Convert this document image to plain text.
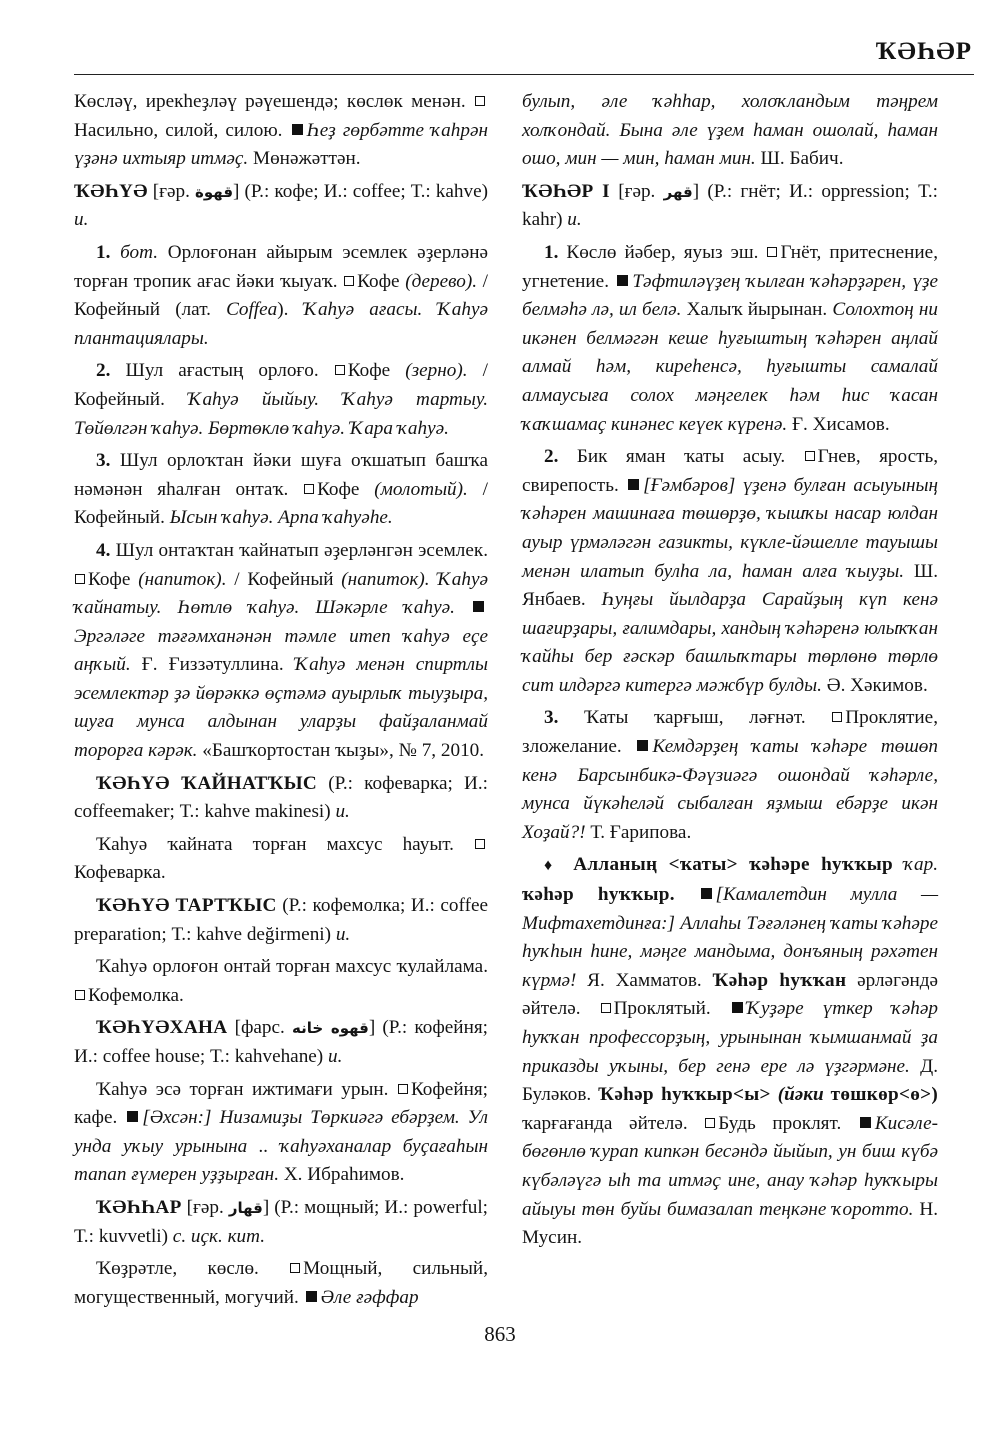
ҠӘҺӘР

Көсләү, ирекһеҙләү рәүешендә; көслөк менән. Насильно, силой, силою. Һеҙ гөрбәтте ҡаһрән үҙәнә ихтыяр итмәҫ. Мөнәжәттән.

ҠӘҺҮӘ [ғәр. قهوة] (Р.: кофе; И.: coffee; Т.: kahve) и.

1. бот. Орлоғонан айырым эсемлек әҙерләнә торған тропик ағас йәки ҡыуаҡ. Кофе (дерево). / Кофейный (лат. Coffea). Ҡаһуә ағасы. Ҡаһуә плантациялары.

2. Шул ағастың орлоғо. Кофе (зерно). / Кофейный. Ҡаһуә йыйыу. Ҡаһуә тартыу. Төйөлгән ҡаһуә. Бөртөклө ҡаһуә. Ҡара ҡаһуә.

3. Шул орлоҡтан йәки шуға оҡшатып башҡа нәмәнән яһалған онтаҡ. Кофе (молотый). / Кофейный. Ысын ҡаһуә. Арпа ҡаһуәһе.

4. Шул онтаҡтан ҡайнатып әҙерләнгән эсемлек. Кофе (напиток). / Кофейный (напиток). Ҡаһуә ҡайнатыу. Һөтлө ҡаһуә. Шәкәрле ҡаһуә. Эргәләге тәғәмханәнән тәмле итеп ҡаһуә еҫе аңҡый. Ғ. Ғиззәтуллина. Ҡаһуә менән спиртлы эсемлектәр ҙә йөрәккә өҫтәмә ауырлыҡ тыуҙыра, шуға мунса алдынан уларҙы файҙаланмай торорға кәрәк. «Башҡортостан ҡыҙы», № 7, 2010.

ҠӘҺҮӘ ҠАЙНАТҠЫС (Р.: кофеварка; И.: coffeemaker; Т.: kahve makinesi) и.

Ҡаһуә ҡайната торған махсус һауыт. Кофеварка.

ҠӘҺҮӘ ТАРТҠЫС (Р.: кофемолка; И.: coffee preparation; Т.: kahve değirmeni) и.

Ҡаһуә орлоғон онтай торған махсус ҡулайлама. Кофемолка.

ҠӘҺҮӘХАНА [фарс. قهوه خانه] (Р.: кофейня; И.: coffee house; Т.: kahvehane) и.

Ҡаһуә эсә торған ижтимағи урын. Кофейня; кафе. [Әхсән:] Низамиҙы Төркиәгә ебәрҙем. Ул унда уҡыу урынына .. ҡаһуәханалар буҫағаһын тапап ғүмерен уҙҙырған. Х. Ибраһимов.

ҠӘҺҺАР [ғәр. قهار] (Р.: мощный; И.: powerful; Т.: kuvvetli) с. иҫк. кит.

Ҡөҙрәтле, көслө. Мощный, сильный, могущественный, могучий. Әле ғәффар

булып, әле ҡәһһар, холоҡландым тәңрем холҡондай. Бына әле үҙем һаман ошолай, һаман ошо, мин — мин, һаман мин. Ш. Бабич.

ҠӘҺӘР I [ғәр. قهر] (Р.: гнёт; И.: oppression; Т.: kahr) и.

1. Көслө йәбер, яуыз эш. Гнёт, притеснение, угнетение. Тәфтиләүҙең ҡылған ҡәһәрҙәрен, үҙе белмәһә лә, ил белә. Халыҡ йырынан. Солохтоң ни икәнен белмәгән кеше һуғыштың ҡәһәрен аңлай алмай һәм, киреһенсә, һуғышты самалай алмаусыға солох мәңгелек һәм һис ҡасан ҡаҡшамаҫ кинәнес кеүек күренә. Ғ. Хисамов.

2. Бик яман ҡаты асыу. Гнев, ярость, свирепость. [Ғәмбәров] үҙенә булған асыуының ҡәһәрен машинаға төшөрҙө, ҡышҡы насар юлдан ауыр үрмәләгән газикты, күкле-йәшелле тауышы менән илатып булһа ла, һаман алға ҡыуҙы. Ш. Янбаев. Һуңғы йылдарҙа Сарайҙың күп кенә шағирҙары, ғалимдары, хандың ҡәһәренә юлыҡҡан ҡайһы бер ғәскәр башлыҡтары төрлөнө төрлө сит илдәргә китергә мәжбүр булды. Ә. Хәкимов.

3. Ҡаты ҡарғыш, ләғнәт. Проклятие, зложелание. Кемдәрҙең ҡаты ҡәһәре төшөп кенә Барсынбикә-Фәүзиәгә ошондай ҡәһәрле, мунса йүкәһеләй сыбалған яҙмыш ебәрҙе икән Хоҙай?! Т. Ғарипова.

♦ Алланың <ҡаты> ҡәһәре һуҡҡыр ҡар. ҡәһәр һуҡҡыр. [Камалетдин мулла — Мифтахетдинға:] Аллаһы Тәғәләнең ҡаты ҡәһәре һуҡһын һине, мәңге мандыма, донъяның рәхәтен күрмә! Я. Хамматов. Ҡәһәр һуҡҡан әрләгәндә әйтелә. Проклятый. Ҡуҙәре үткер ҡәһәр һуҡҡан профессорҙың, урынынан ҡымшанмай ҙа приказды уҡыны, бер генә ере лә үҙгәрмәне. Д. Буләков. Ҡәһәр һуҡҡыр<ы> (йәки төшкөр<ө>) ҡарғағанда әйтелә. Будь проклят. Кисәле-бөгөнлө ҡурап кипкән бесәндә йыйып, ун биш күбә күбәләүгә ыһ та итмәҫ ине, анау ҡәһәр һуҡҡыры айыуы төн буйы бимазалап теңкәне ҡоротто. Н. Мусин.

863
